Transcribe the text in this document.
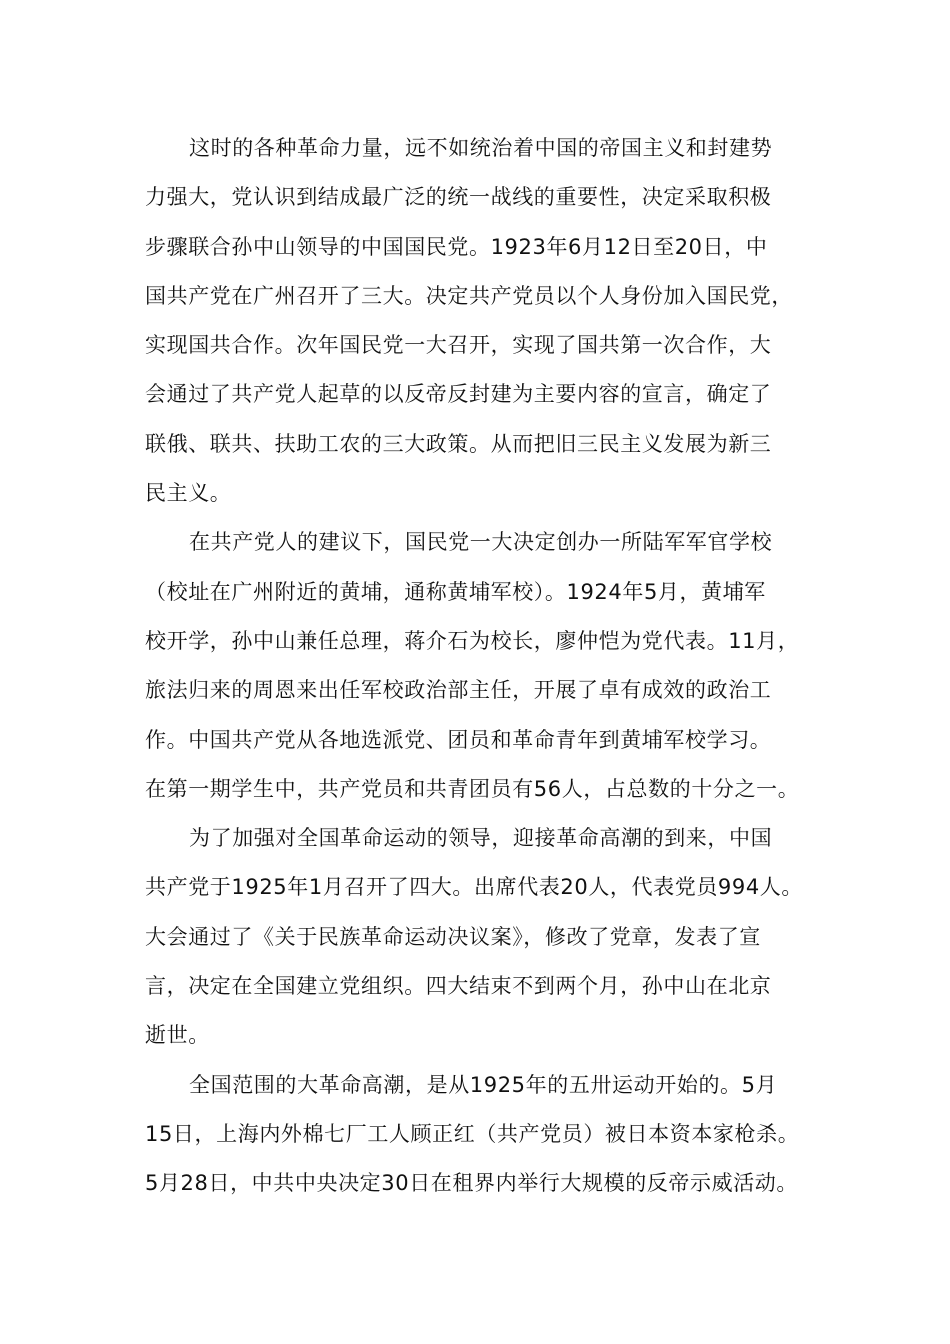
这时的各种革命力量，远不如统治着中国的帝国主义和封建势
力强大，党认识到结成最广泛的统一战线的重要性，决定采取积极
步骤联合孙中山领导的中国国民党。1923年6月12日至20日，中
国共产党在广州召开了三大。决定共产党员以个人身份加入国民党，
实现国共合作。次年国民党一大召开，实现了国共第一次合作，大
会通过了共产党人起草的以反帝反封建为主要内容的宣言，确定了
联俄、联共、扶助工农的三大政策。从而把旧三民主义发展为新三
民主义。
在共产党人的建议下，国民党一大决定创办一所陆军军官学校
（校址在广州附近的黄埔，通称黄埔军校）。1924年5月，黄埔军
校开学，孙中山兼任总理，蒋介石为校长，廖仲恺为党代表。11月，
旅法归来的周恩来出任军校政治部主任，开展了卓有成效的政治工
作。中国共产党从各地选派党、团员和革命青年到黄埔军校学习。
在第一期学生中，共产党员和共青团员有56人，占总数的十分之一。
为了加强对全国革命运动的领导，迎接革命高潮的到来，中国
共产党于1925年1月召开了四大。出席代表20人，代表党员994人。
大会通过了《关于民族革命运动决议案》，修改了党章，发表了宣
言，决定在全国建立党组织。四大结束不到两个月，孙中山在北京
逝世。
全国范围的大革命高潮，是从1925年的五卅运动开始的。5月
15日，上海内外棉七厂工人顾正红（共产党员）被日本资本家枪杀。
5月28日，中共中央决定30日在租界内举行大规模的反帝示威活动。
